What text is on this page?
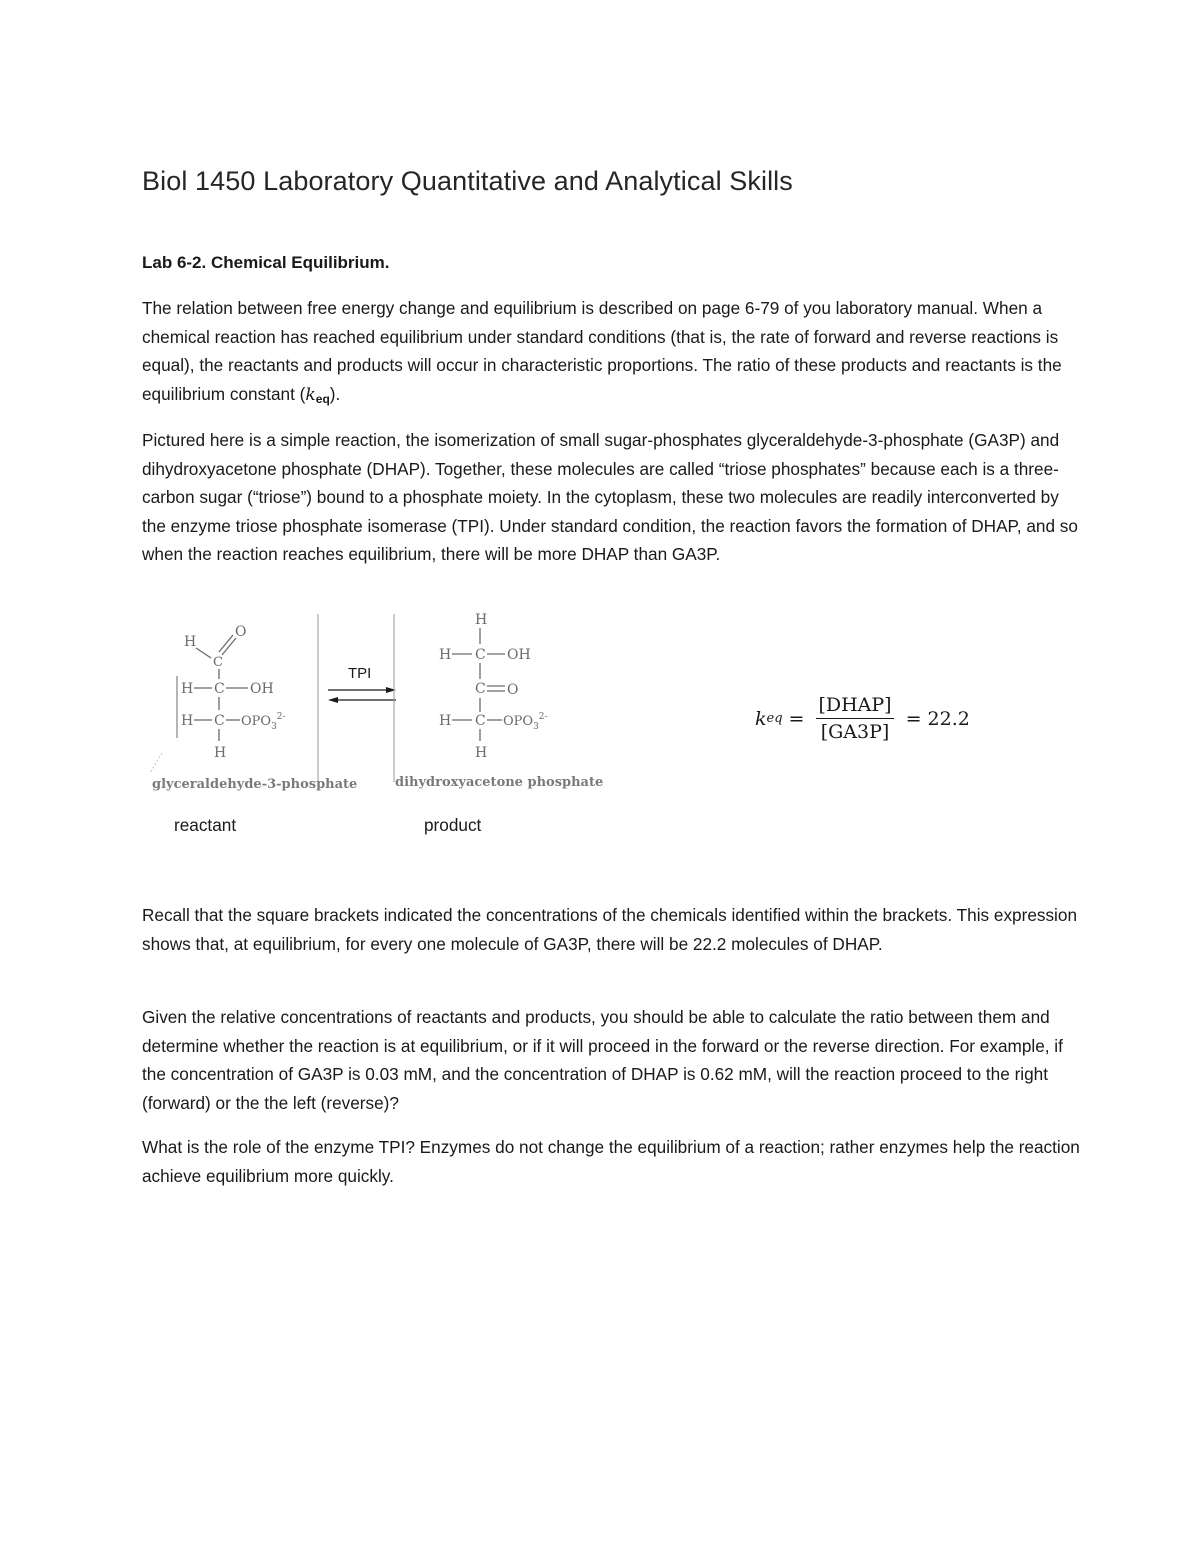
Biol 1450 Laboratory Quantitative and Analytical Skills
Lab 6-2. Chemical Equilibrium.

The relation between free energy change and equilibrium is described on page 6-79 of you laboratory manual. When a chemical reaction has reached equilibrium under standard conditions (that is, the rate of forward and reverse reactions is equal), the reactants and products will occur in characteristic proportions. The ratio of these products and reactants is the equilibrium constant (keq).

Pictured here is a simple reaction, the isomerization of small sugar-phosphates glyceraldehyde-3-phosphate (GA3P) and dihydroxyacetone phosphate (DHAP). Together, these molecules are called “triose phosphates” because each is a three-carbon sugar (“triose”) bound to a phosphate moiety. In the cytoplasm, these two molecules are readily interconverted by the enzyme triose phosphate isomerase (TPI). Under standard condition, the reaction favors the formation of DHAP, and so when the reaction reaches equilibrium, there will be more DHAP than GA3P.

H
C
O
H C OH
H C $OPO_3^{2-}$
H
glyceraldehyde-3-phosphate
TPI
H
H C OH
C O
H C $OPO_3^{2-}$
H
dihydroxyacetone phosphate

reactant	product

k eq = $\frac{\text{[DHAP]}}{[GA3P]} = 22.2$

Recall that the square brackets indicated the concentrations of the chemicals identified within the brackets. This expression shows that, at equilibrium, for every one molecule of GA3P, there will be 22.2 molecules of DHAP.

Given the relative concentrations of reactants and products, you should be able to calculate the ratio between them and determine whether the reaction is at equilibrium, or if it will proceed in the forward or the reverse direction. For example, if the concentration of GA3P is 0.03 mM, and the concentration of DHAP is 0.62 mM, will the reaction proceed to the right (forward) or the the left (reverse)?

What is the role of the enzyme TPI? Enzymes do not change the equilibrium of a reaction; rather enzymes help the reaction achieve equilibrium more quickly.
